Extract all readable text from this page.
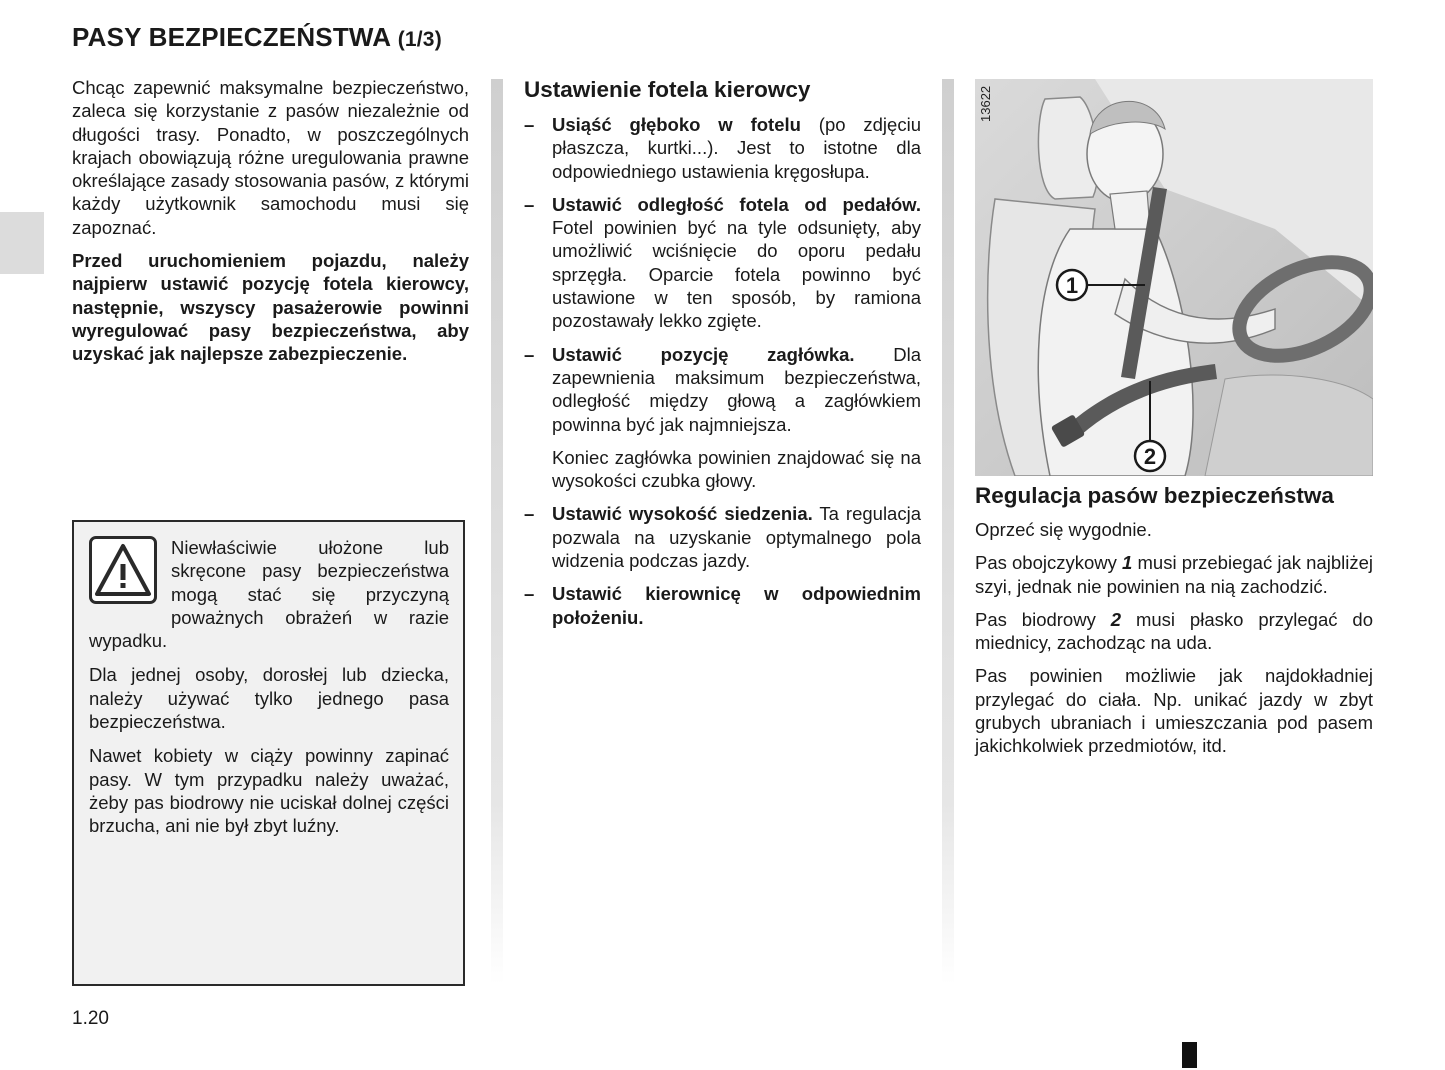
PASY BEZPIECZEŃSTWA (1/3)

Chcąc zapewnić maksymalne bezpieczeństwo, zaleca się korzystanie z pasów niezależnie od długości trasy. Ponadto, w poszczególnych krajach obowiązują różne uregulowania prawne określające zasady stosowania pasów, z którymi każdy użytkownik samochodu musi się zapoznać.

Przed uruchomieniem pojazdu, należy najpierw ustawić pozycję fotela kierowcy, następnie, wszyscy pasażerowie powinni wyregulować pasy bezpieczeństwa, aby uzyskać jak najlepsze zabezpieczenie.

Niewłaściwie ułożone lub skręcone pasy bezpieczeństwa mogą stać się przyczyną poważnych obrażeń w razie wypadku.

Dla jednej osoby, dorosłej lub dziecka, należy używać tylko jednego pasa bezpieczeństwa.

Nawet kobiety w ciąży powinny zapinać pasy. W tym przypadku należy uważać, żeby pas biodrowy nie uciskał dolnej części brzucha, ani nie był zbyt luźny.

Ustawienie fotela kierowcy
– Usiąść głęboko w fotelu (po zdjęciu płaszcza, kurtki...). Jest to istotne dla odpowiedniego ustawienia kręgosłupa.
– Ustawić odległość fotela od pedałów. Fotel powinien być na tyle odsunięty, aby umożliwić wciśnięcie do oporu pedału sprzęgła. Oparcie fotela powinno być ustawione w ten sposób, by ramiona pozostawały lekko zgięte.
– Ustawić pozycję zagłówka. Dla zapewnienia maksimum bezpieczeństwa, odległość między głową a zagłówkiem powinna być jak najmniejsza.

Koniec zagłówka powinien znajdować się na wysokości czubka głowy.

– Ustawić wysokość siedzenia. Ta regulacja pozwala na uzyskanie optymalnego pola widzenia podczas jazdy.
– Ustawić kierownicę w odpowiednim położeniu.
1
2
13622
Regulacja pasów bezpieczeństwa

Oprzeć się wygodnie.

Pas obojczykowy 1 musi przebiegać jak najbliżej szyi, jednak nie powinien na nią zachodzić.

Pas biodrowy 2 musi płasko przylegać do miednicy, zachodząc na uda.

Pas powinien możliwie jak najdokładniej przylegać do ciała. Np. unikać jazdy w zbyt grubych ubraniach i umieszczania pod pasem jakichkolwiek przedmiotów, itd.

1.20
